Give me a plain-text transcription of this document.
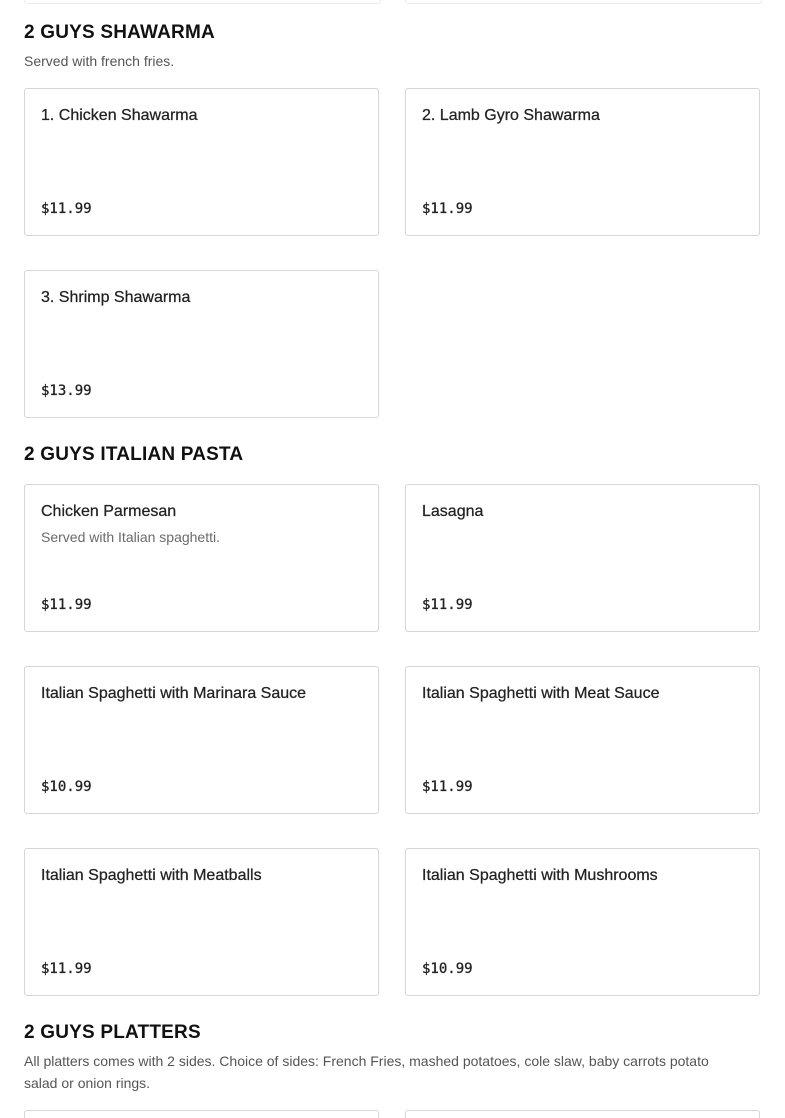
2 GUYS SHAWARMA

Served with french fries.

1. Chicken Shawarma
$11.99
2. Lamb Gyro Shawarma
$11.99
3. Shrimp Shawarma
$13.99
2 GUYS ITALIAN PASTA
Chicken Parmesan
Served with Italian spaghetti.
$11.99
Lasagna
$11.99
Italian Spaghetti with Marinara Sauce
$10.99
Italian Spaghetti with Meat Sauce
$11.99
Italian Spaghetti with Meatballs
$11.99
Italian Spaghetti with Mushrooms
$10.99
2 GUYS PLATTERS

All platters comes with 2 sides. Choice of sides: French Fries, mashed potatoes, cole slaw, baby carrots potato salad or onion rings.
